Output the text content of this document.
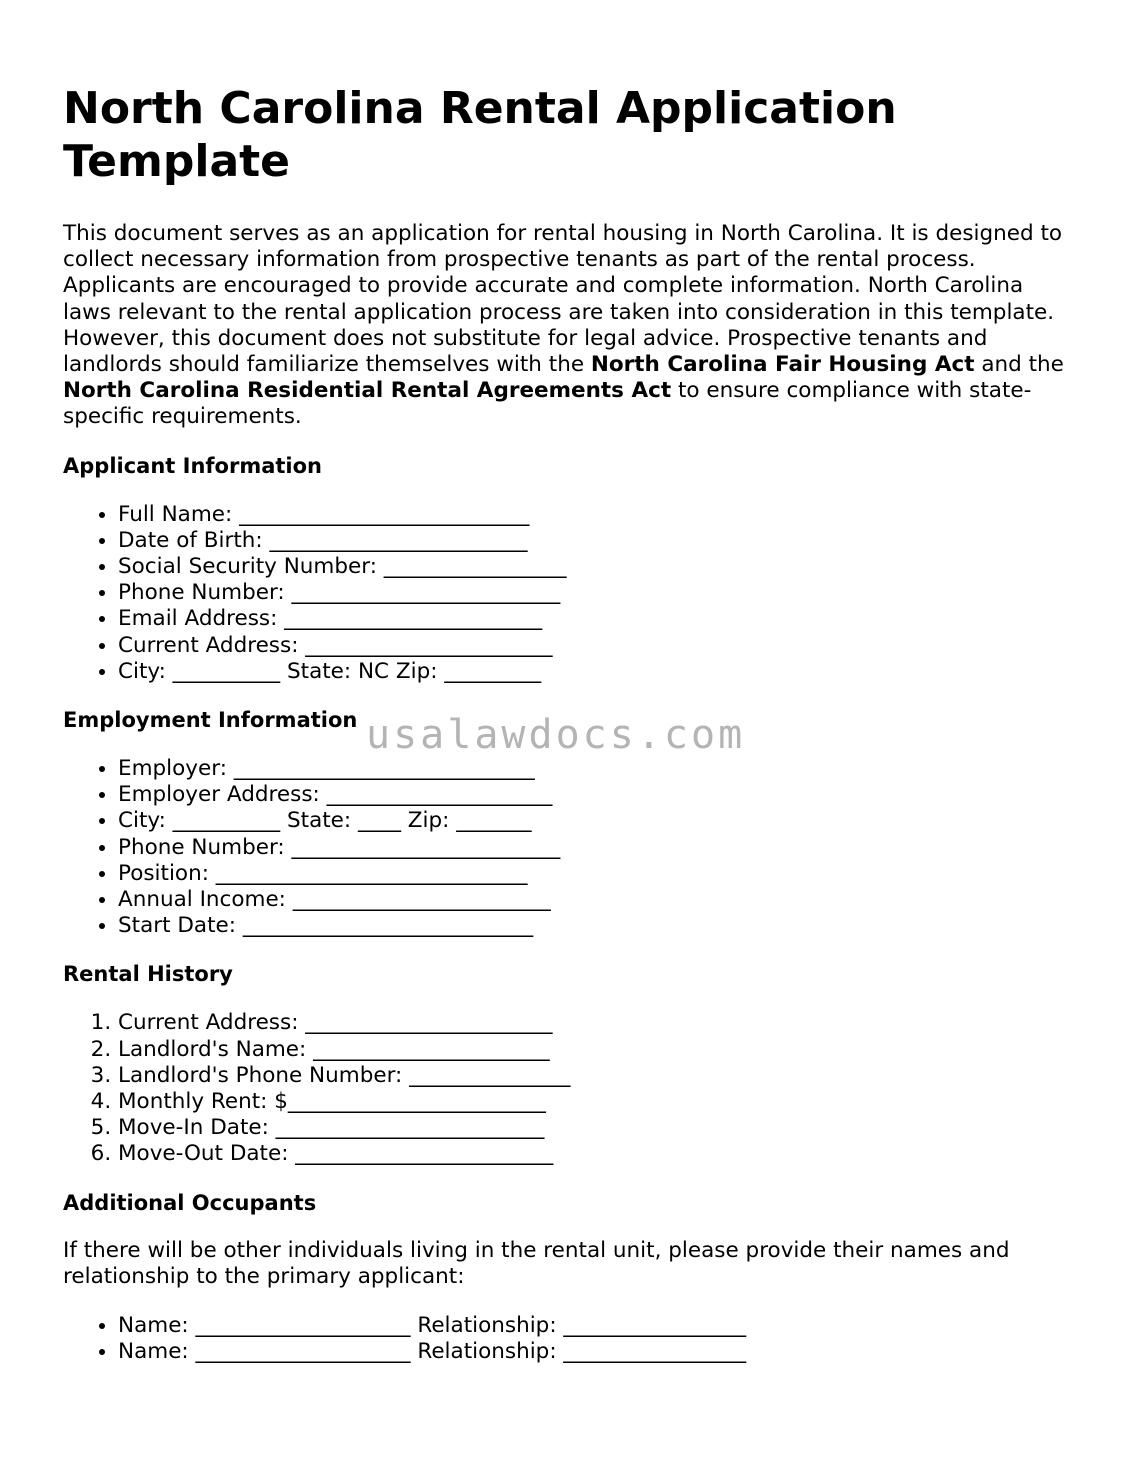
North Carolina Rental Application Template

This document serves as an application for rental housing in North Carolina. It is designed to collect necessary information from prospective tenants as part of the rental process. Applicants are encouraged to provide accurate and complete information. North Carolina laws relevant to the rental application process are taken into consideration in this template. However, this document does not substitute for legal advice. Prospective tenants and landlords should familiarize themselves with the North Carolina Fair Housing Act and the North Carolina Residential Rental Agreements Act to ensure compliance with state-specific requirements.

Applicant Information
• Full Name: ___________________________
• Date of Birth: ________________________
• Social Security Number: _________________
• Phone Number: _________________________
• Email Address: ________________________
• Current Address: _______________________
• City: __________ State: NC Zip: _________
Employment Information
• Employer: ____________________________
• Employer Address: _____________________
• City: __________ State: ____ Zip: _______
• Phone Number: _________________________
• Position: _____________________________
• Annual Income: ________________________
• Start Date: ___________________________
Rental History
1. Current Address: _______________________
2. Landlord's Name: ______________________
3. Landlord's Phone Number: _______________
4. Monthly Rent: $________________________
5. Move-In Date: _________________________
6. Move-Out Date: ________________________
Additional Occupants

If there will be other individuals living in the rental unit, please provide their names and relationship to the primary applicant:

• Name: ____________________ Relationship: _________________
• Name: ____________________ Relationship: _________________
usalawdocs.com
